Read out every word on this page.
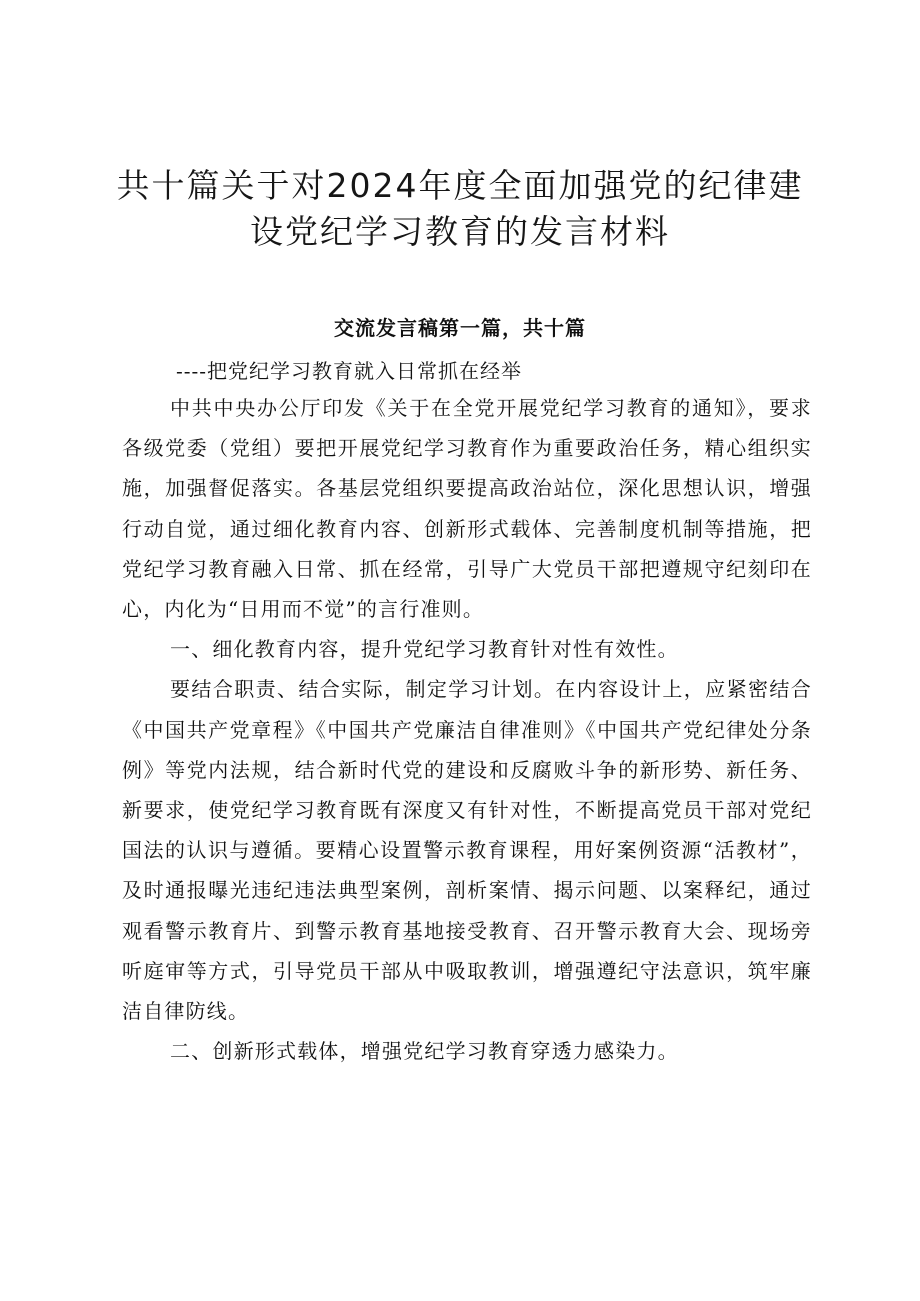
共十篇关于对2024年度全面加强党的纪律建
设党纪学习教育的发言材料

交流发言稿第一篇，共十篇

----把党纪学习教育就入日常抓在经举

中共中央办公厅印发《关于在全党开展党纪学习教育的通知》，要求各级党委（党组）要把开展党纪学习教育作为重要政治任务，精心组织实施，加强督促落实。各基层党组织要提高政治站位，深化思想认识，增强行动自觉，通过细化教育内容、创新形式载体、完善制度机制等措施，把党纪学习教育融入日常、抓在经常，引导广大党员干部把遵规守纪刻印在心，内化为“日用而不觉”的言行准则。

一、细化教育内容，提升党纪学习教育针对性有效性。

要结合职责、结合实际，制定学习计划。在内容设计上，应紧密结合《中国共产党章程》《中国共产党廉洁自律准则》《中国共产党纪律处分条例》等党内法规，结合新时代党的建设和反腐败斗争的新形势、新任务、新要求，使党纪学习教育既有深度又有针对性，不断提高党员干部对党纪国法的认识与遵循。要精心设置警示教育课程，用好案例资源“活教材”，及时通报曝光违纪违法典型案例，剖析案情、揭示问题、以案释纪，通过观看警示教育片、到警示教育基地接受教育、召开警示教育大会、现场旁听庭审等方式，引导党员干部从中吸取教训，增强遵纪守法意识，筑牢廉洁自律防线。

二、创新形式载体，增强党纪学习教育穿透力感染力。
